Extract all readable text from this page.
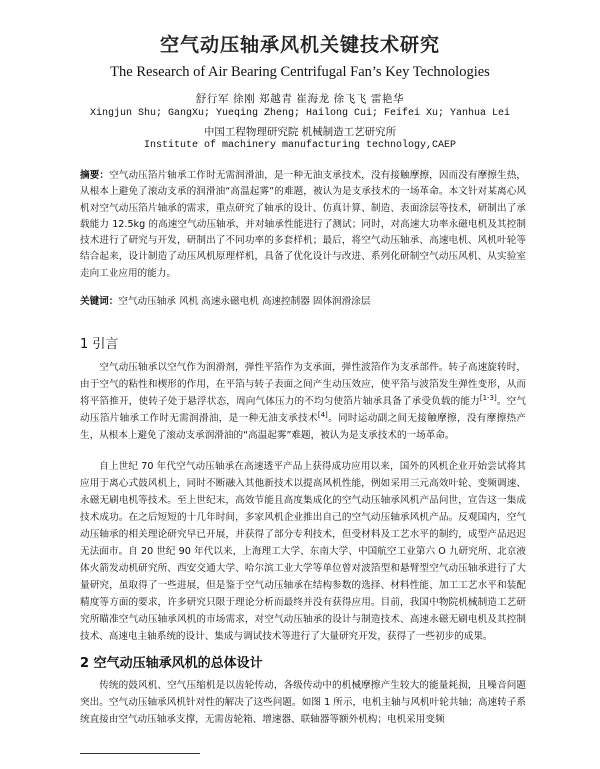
空气动压轴承风机关键技术研究
The Research of Air Bearing Centrifugal Fan’s Key Technologies
舒行军 徐刚 郑越青 崔海龙 徐飞飞 雷艳华
Xingjun Shu; GangXu; Yueqing Zheng; Hailong Cui; Feifei Xu; Yanhua Lei
中国工程物理研究院 机械制造工艺研究所
Institute of machinery manufacturing technology,CAEP
摘要：空气动压箔片轴承工作时无需润滑油，是一种无油支承技术，没有接触摩擦，因而没有摩擦生热，从根本上避免了滚动支承的润滑油“高温起雾”的难题，被认为是支承技术的一场革命。本文针对某离心风机对空气动压箔片轴承的需求，重点研究了轴承的设计、仿真计算、制造、表面涂层等技术，研制出了承载能力 12.5kg 的高速空气动压轴承，并对轴承性能进行了测试；同时，对高速大功率永磁电机及其控制技术进行了研究与开发，研制出了不同功率的多套样机；最后，将空气动压轴承、高速电机、风机叶轮等结合起来，设计制造了动压风机原理样机，具备了优化设计与改进、系列化研制空气动压风机、从实验室走向工业应用的能力。
关键词：空气动压轴承 风机 高速永磁电机 高速控制器 固体润滑涂层
1 引言
空气动压轴承以空气作为润滑剂，弹性平箔作为支承面，弹性波箔作为支承部件。转子高速旋转时，由于空气的粘性和楔形的作用，在平箔与转子表面之间产生动压效应，使平箔与波箔发生弹性变形，从而将平箔推开，使转子处于悬浮状态，周向气体压力的不均匀使箔片轴承具备了承受负载的能力[1-3]。空气动压箔片轴承工作时无需润滑油，是一种无油支承技术[4]。同时运动副之间无接触摩擦，没有摩擦热产生，从根本上避免了滚动支承润滑油的“高温起雾”难题，被认为是支承技术的一场革命。
自上世纪 70 年代空气动压轴承在高速透平产品上获得成功应用以来，国外的风机企业开始尝试将其应用于离心式鼓风机上，同时不断融入其他新技术以提高风机性能，例如采用三元高效叶轮、变频调速、永磁无刷电机等技术。至上世纪末，高效节能且高度集成化的空气动压轴承风机产品问世，宣告这一集成技术成功。在之后短短的十几年时间，多家风机企业推出自己的空气动压轴承风机产品。反观国内，空气动压轴承的相关理论研究早已开展，并获得了部分专利技术，但受材料及工艺水平的制约，成型产品迟迟无法面市。自 20 世纪 90 年代以来，上海理工大学、东南大学、中国航空工业第六 O 九研究所、北京液体火箭发动机研究所、西安交通大学、哈尔滨工业大学等单位曾对波箔型和悬臂型空气动压轴承进行了大量研究，虽取得了一些进展，但是鉴于空气动压轴承在结构参数的选择、材料性能、加工工艺水平和装配精度等方面的要求，许多研究只限于理论分析而最终并没有获得应用。目前，我国中物院机械制造工艺研究所瞄准空气动压轴承风机的市场需求，对空气动压轴承的设计与制造技术、高速永磁无刷电机及其控制技术、高速电主轴系统的设计、集成与调试技术等进行了大量研究开发，获得了一些初步的成果。
2 空气动压轴承风机的总体设计
传统的鼓风机、空气压缩机是以齿轮传动，各级传动中的机械摩擦产生较大的能量耗损，且噪音问题突出。空气动压轴承风机针对性的解决了这些问题。如图 1 所示，电机主轴与风机叶轮共轴；高速转子系统直接由空气动压轴承支撑，无需齿轮箱、增速器、联轴器等额外机构；电机采用变频
